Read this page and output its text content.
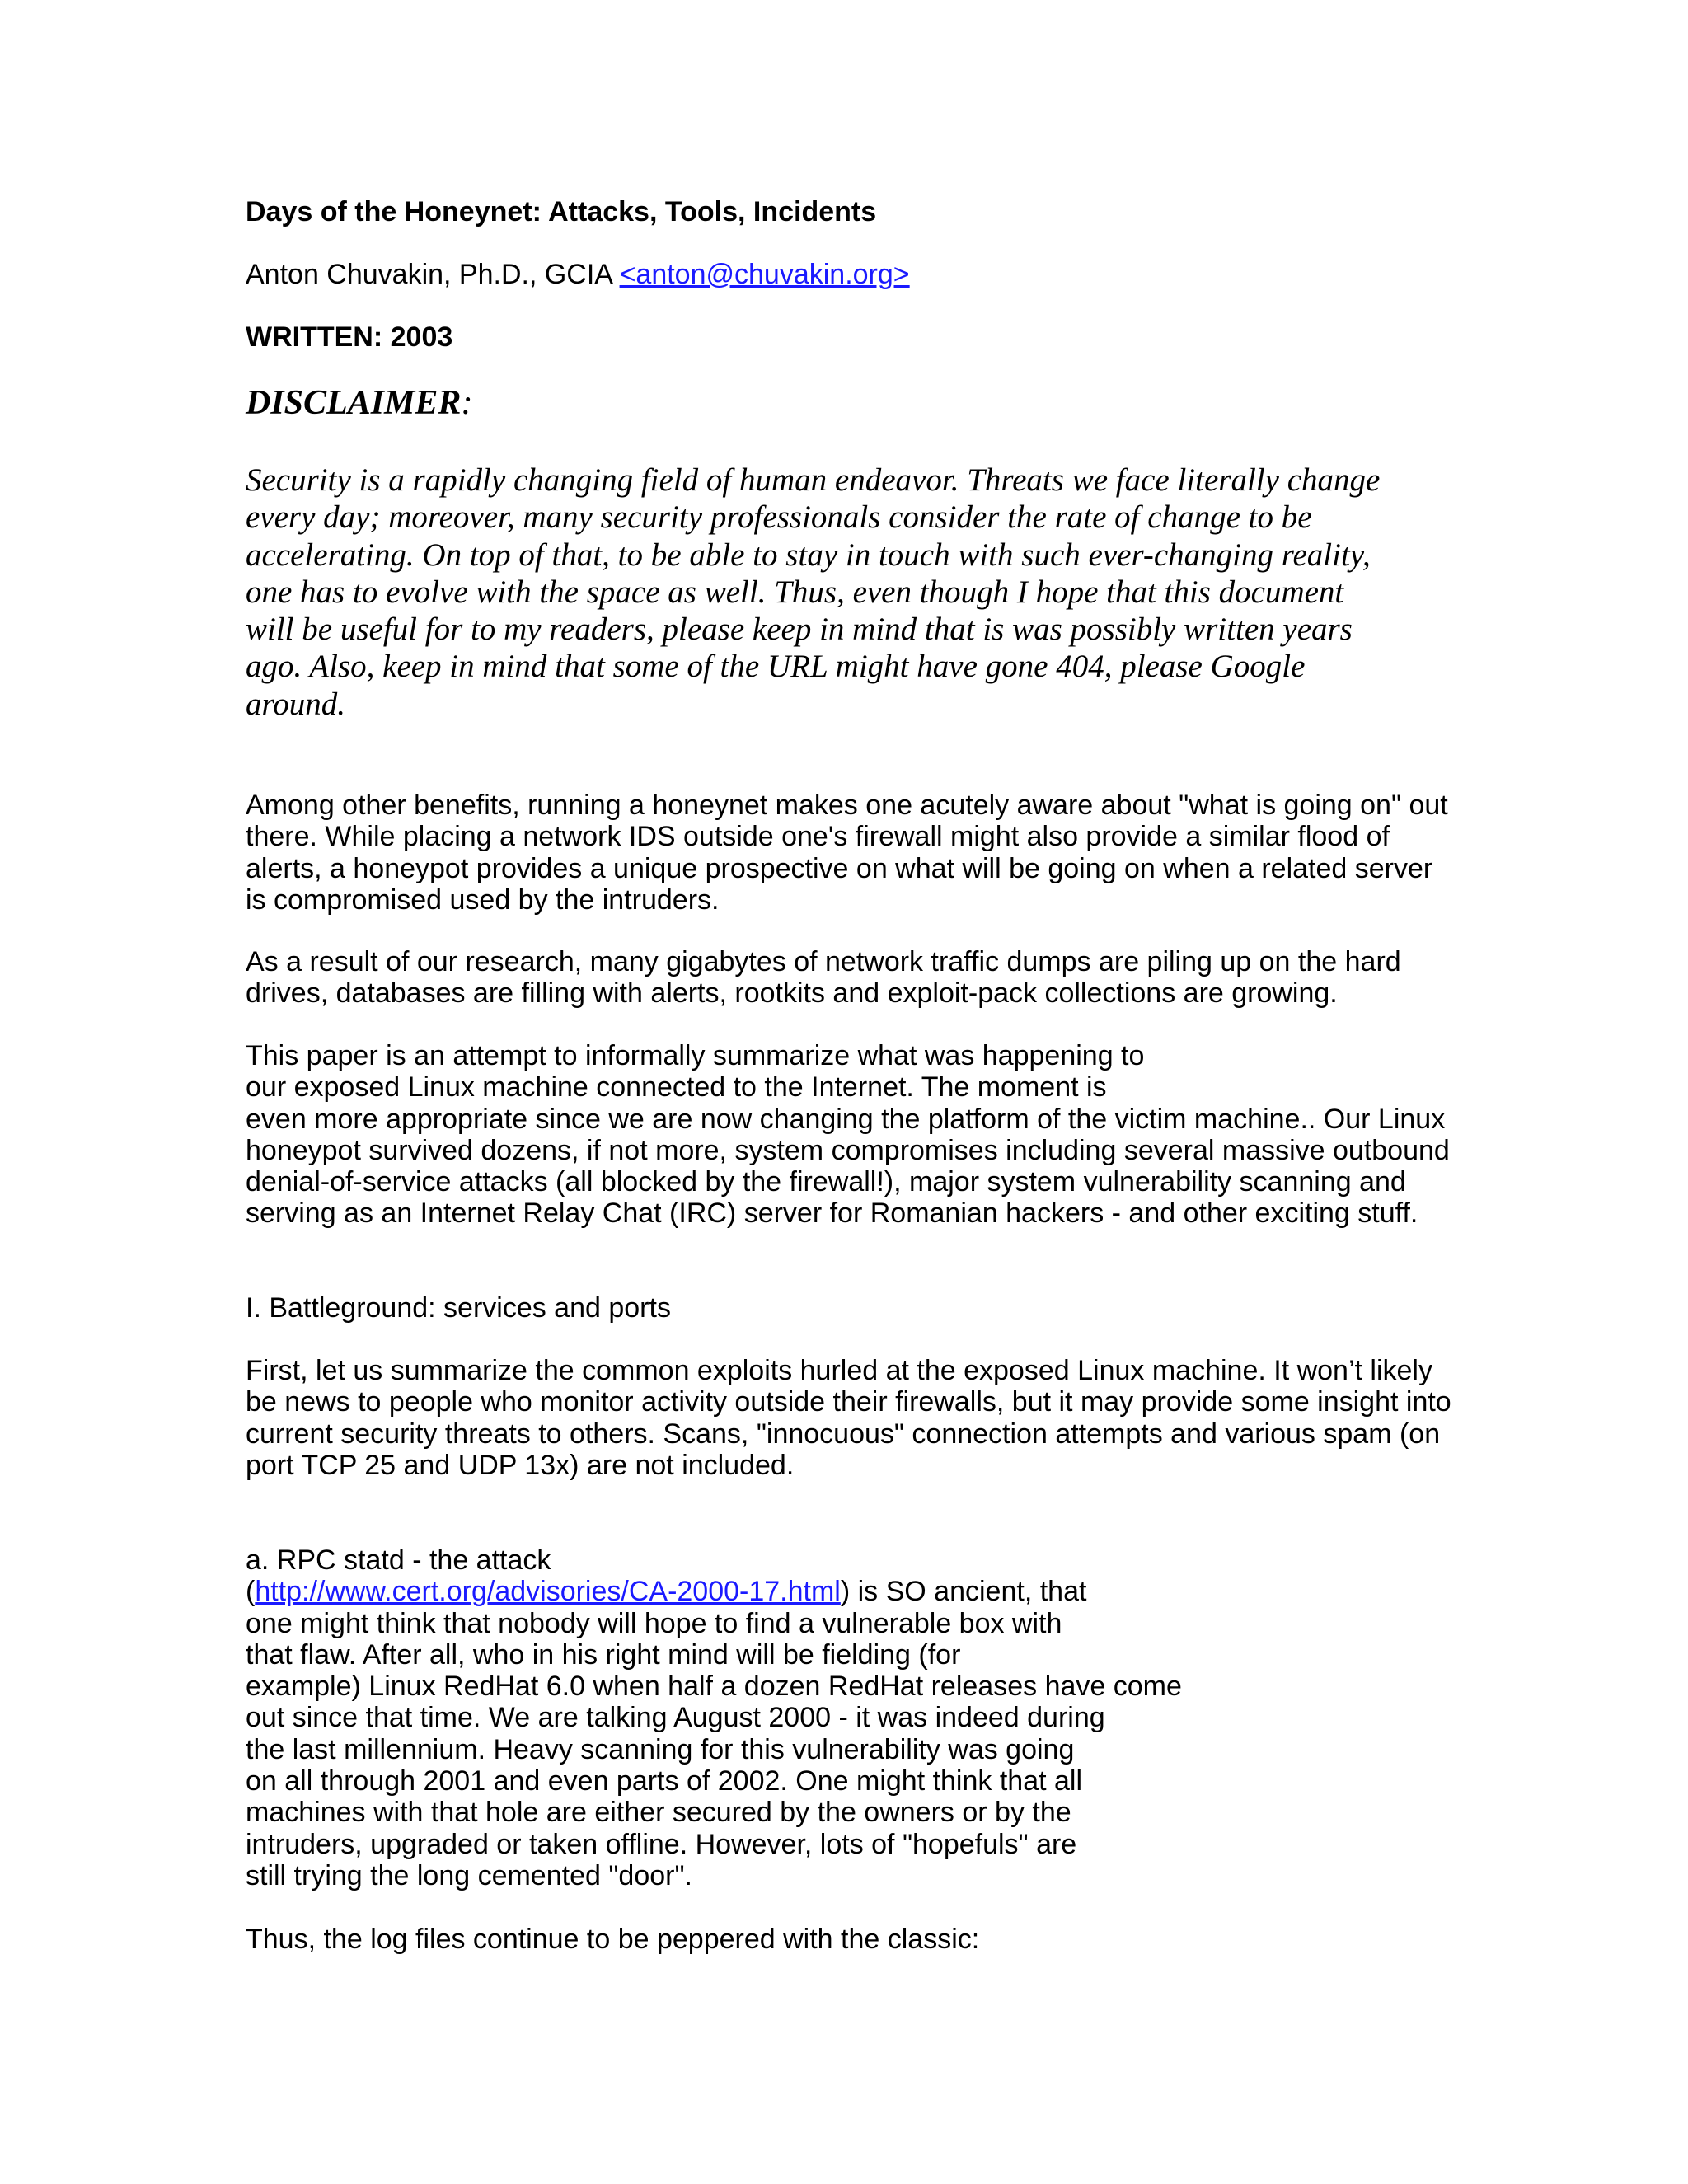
Days of the Honeynet: Attacks, Tools, Incidents
Anton Chuvakin, Ph.D., GCIA <anton@chuvakin.org>
WRITTEN: 2003
DISCLAIMER:
Security is a rapidly changing field of human endeavor. Threats we face literally change
every day; moreover, many security professionals consider the rate of change to be
accelerating. On top of that, to be able to stay in touch with such ever-changing reality,
one has to evolve with the space as well. Thus, even though I hope that this document
will be useful for to my readers, please keep in mind that is was possibly written years
ago. Also, keep in mind that some of the URL might have gone 404, please Google
around.
Among other benefits, running a honeynet makes one acutely aware about "what is going on" out
there. While placing a network IDS outside one's firewall might also provide a similar flood of
alerts, a honeypot provides a unique prospective on what will be going on when a related server
is compromised used by the intruders.
As a result of our research, many gigabytes of network traffic dumps are piling up on the hard
drives, databases are filling with alerts, rootkits and exploit-pack collections are growing.
This paper is an attempt to informally summarize what was happening to
our exposed Linux machine connected to the Internet. The moment is
even more appropriate since we are now changing the platform of the victim machine.. Our Linux
honeypot survived dozens, if not more, system compromises including several massive outbound
denial-of-service attacks (all blocked by the firewall!), major system vulnerability scanning and
serving as an Internet Relay Chat (IRC) server for Romanian hackers - and other exciting stuff.
I. Battleground: services and ports
First, let us summarize the common exploits hurled at the exposed Linux machine. It won’t likely
be news to people who monitor activity outside their firewalls, but it may provide some insight into
current security threats to others. Scans, "innocuous" connection attempts and various spam (on
port TCP 25 and UDP 13x) are not included.
a. RPC statd - the attack
(http://www.cert.org/advisories/CA-2000-17.html) is SO ancient, that
one might think that nobody will hope to find a vulnerable box with
that flaw. After all, who in his right mind will be fielding (for
example) Linux RedHat 6.0 when half a dozen RedHat releases have come
out since that time. We are talking August 2000 - it was indeed during
the last millennium. Heavy scanning for this vulnerability was going
on all through 2001 and even parts of 2002. One might think that all
machines with that hole are either secured by the owners or by the
intruders, upgraded or taken offline. However, lots of "hopefuls" are
still trying the long cemented "door".
Thus, the log files continue to be peppered with the classic:
